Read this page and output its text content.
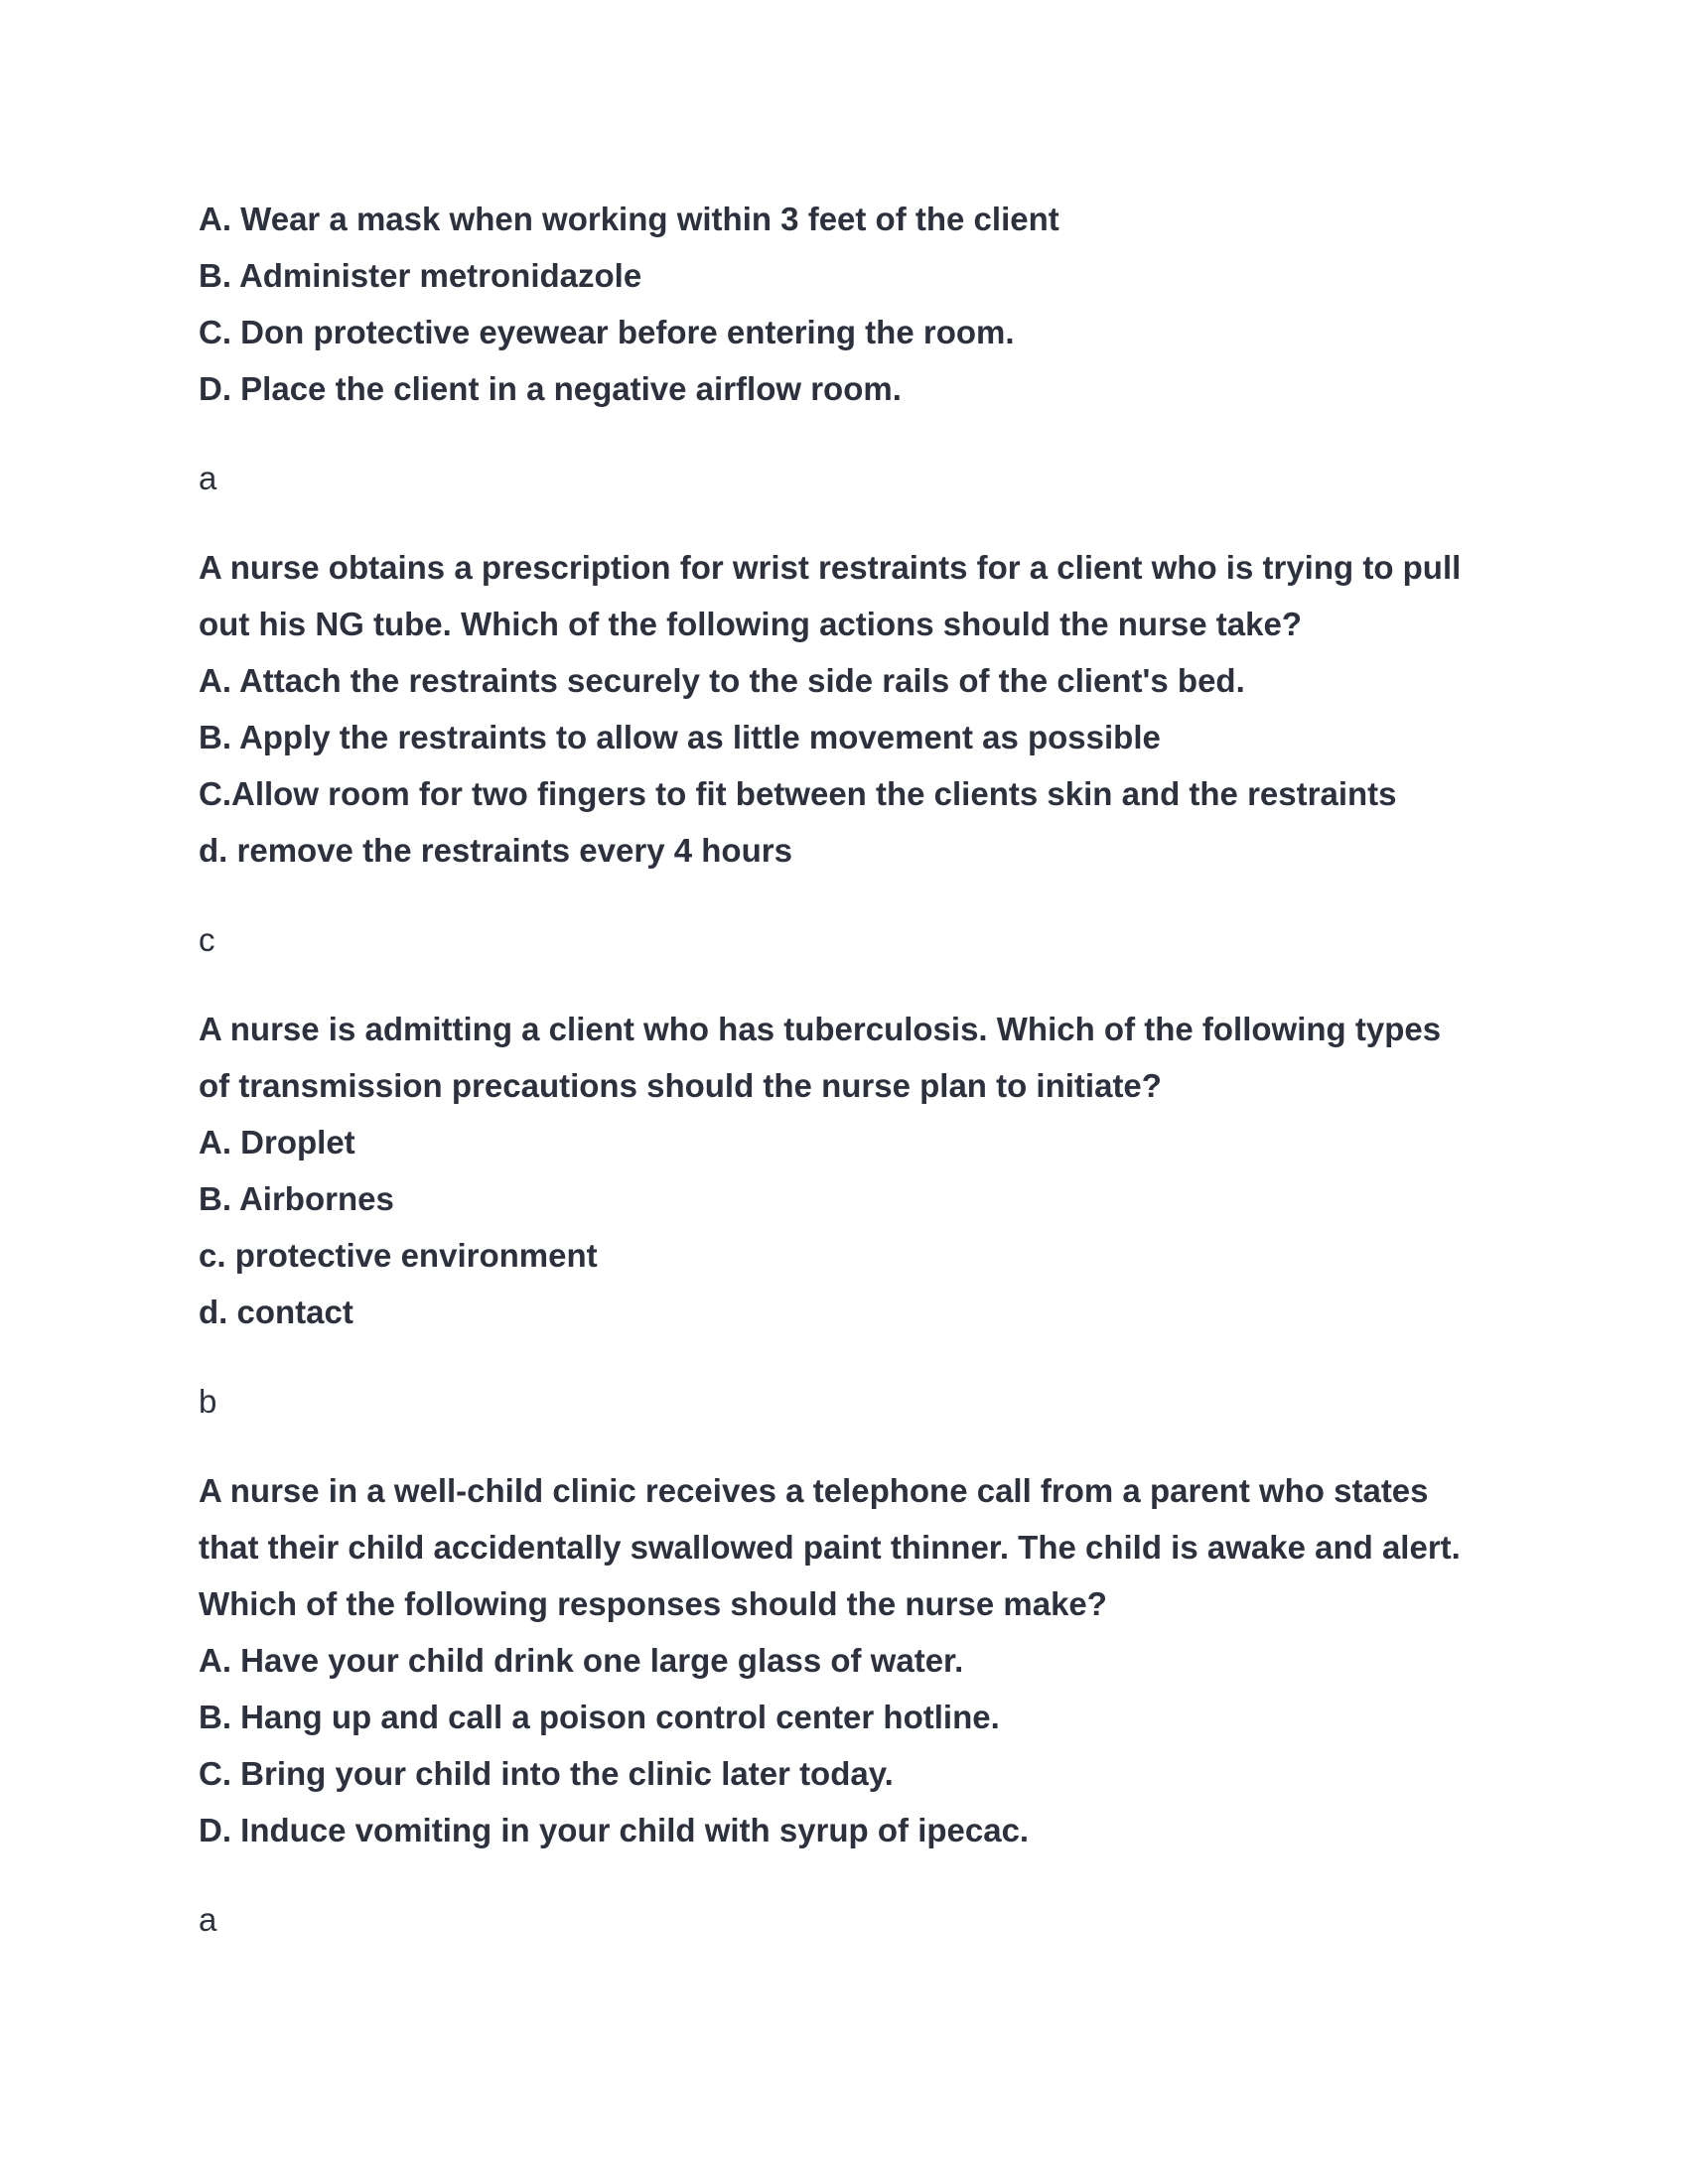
A. Wear a mask when working within 3 feet of the client
B. Administer metronidazole
C. Don protective eyewear before entering the room.
D. Place the client in a negative airflow room.
a
A nurse obtains a prescription for wrist restraints for a client who is trying to pull
out his NG tube. Which of the following actions should the nurse take?
A. Attach the restraints securely to the side rails of the client's bed.
B. Apply the restraints to allow as little movement as possible
C.Allow room for two fingers to fit between the clients skin and the restraints
d. remove the restraints every 4 hours
c
A nurse is admitting a client who has tuberculosis. Which of the following types
of transmission precautions should the nurse plan to initiate?
A. Droplet
B. Airbornes
c. protective environment
d. contact
b
A nurse in a well-child clinic receives a telephone call from a parent who states
that their child accidentally swallowed paint thinner. The child is awake and alert.
Which of the following responses should the nurse make?
A. Have your child drink one large glass of water.
B. Hang up and call a poison control center hotline.
C. Bring your child into the clinic later today.
D. Induce vomiting in your child with syrup of ipecac.
a
